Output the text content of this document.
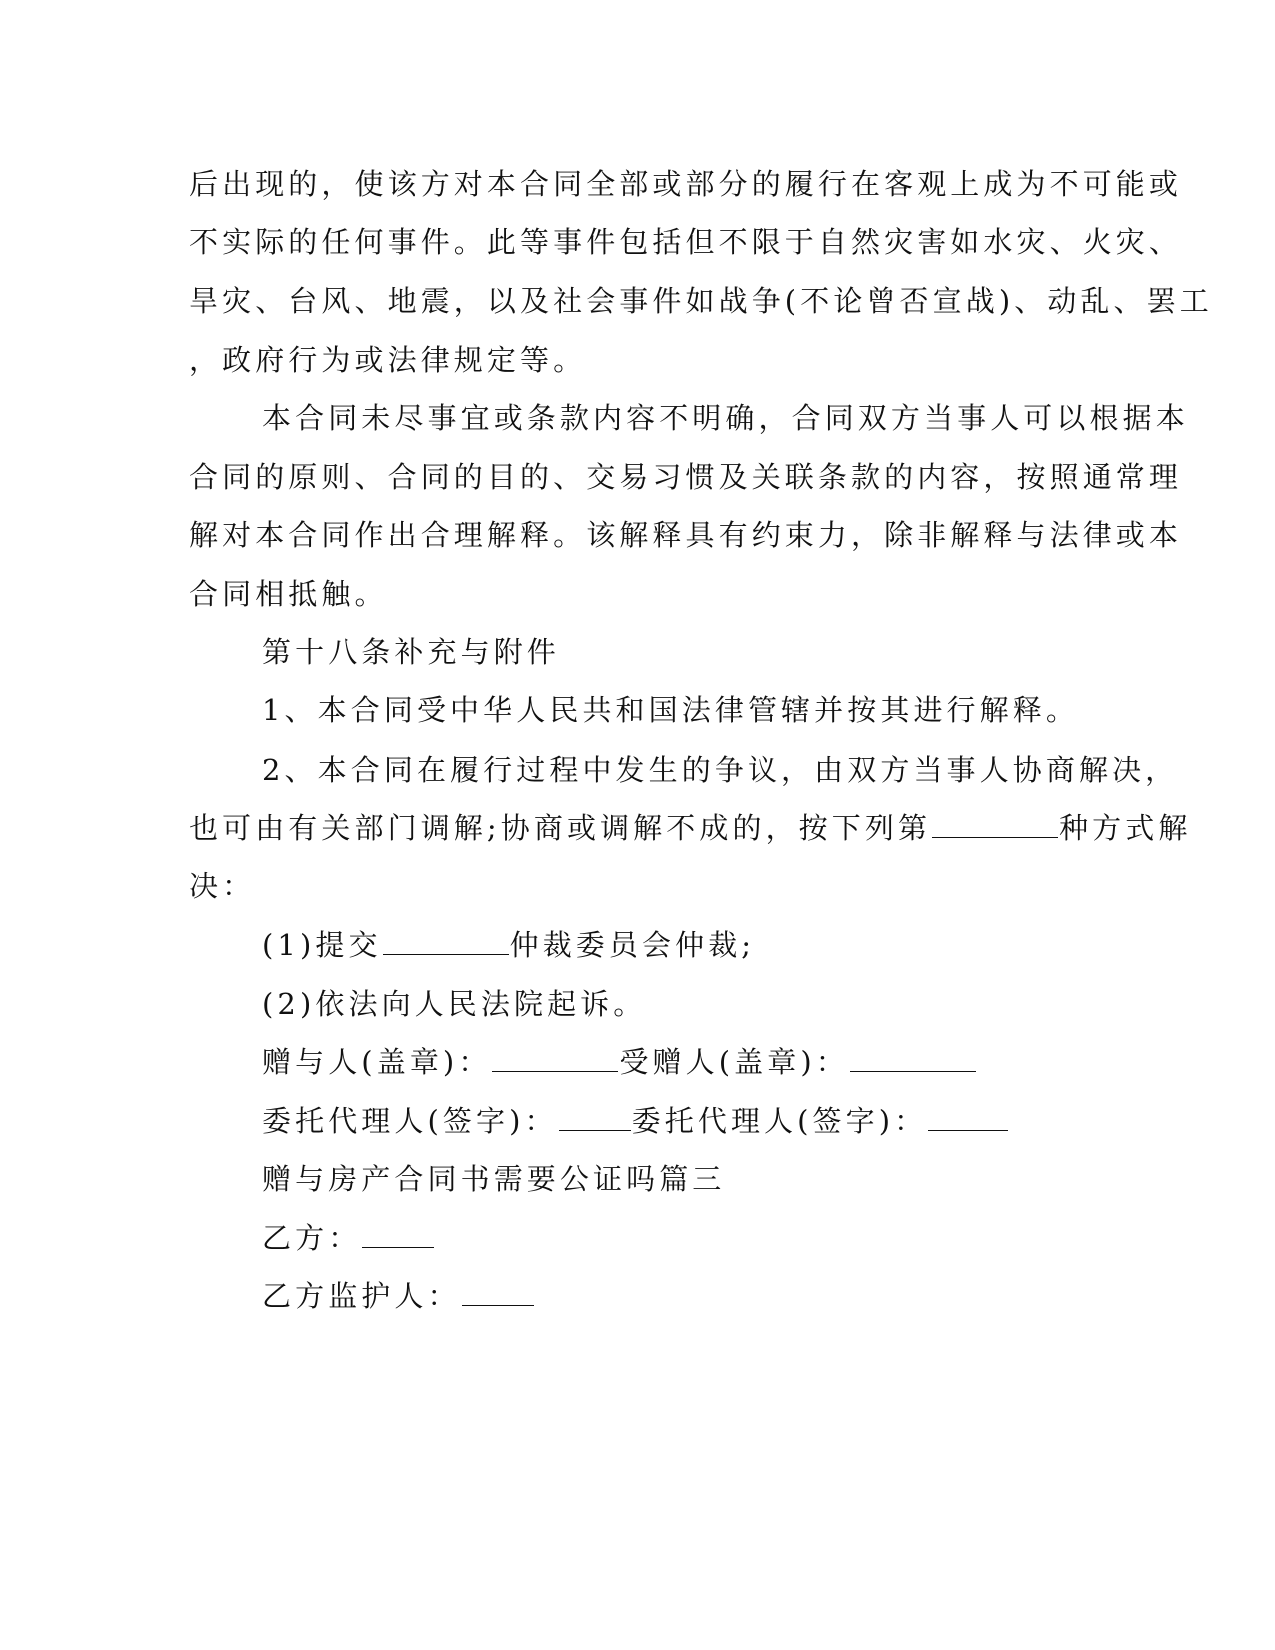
后出现的，使该方对本合同全部或部分的履行在客观上成为不可能或
不实际的任何事件。此等事件包括但不限于自然灾害如水灾、火灾、
旱灾、台风、地震，以及社会事件如战争(不论曾否宣战)、动乱、罢工
，政府行为或法律规定等。
本合同未尽事宜或条款内容不明确，合同双方当事人可以根据本
合同的原则、合同的目的、交易习惯及关联条款的内容，按照通常理
解对本合同作出合理解释。该解释具有约束力，除非解释与法律或本
合同相抵触。
第十八条补充与附件
1、本合同受中华人民共和国法律管辖并按其进行解释。
2、本合同在履行过程中发生的争议，由双方当事人协商解决，
也可由有关部门调解;协商或调解不成的，按下列第	种方式解
决：
(1)提交	仲裁委员会仲裁;
(2)依法向人民法院起诉。
赠与人(盖章)：	受赠人(盖章)：
委托代理人(签字)：	委托代理人(签字)：
赠与房产合同书需要公证吗篇三
乙方：
乙方监护人：
